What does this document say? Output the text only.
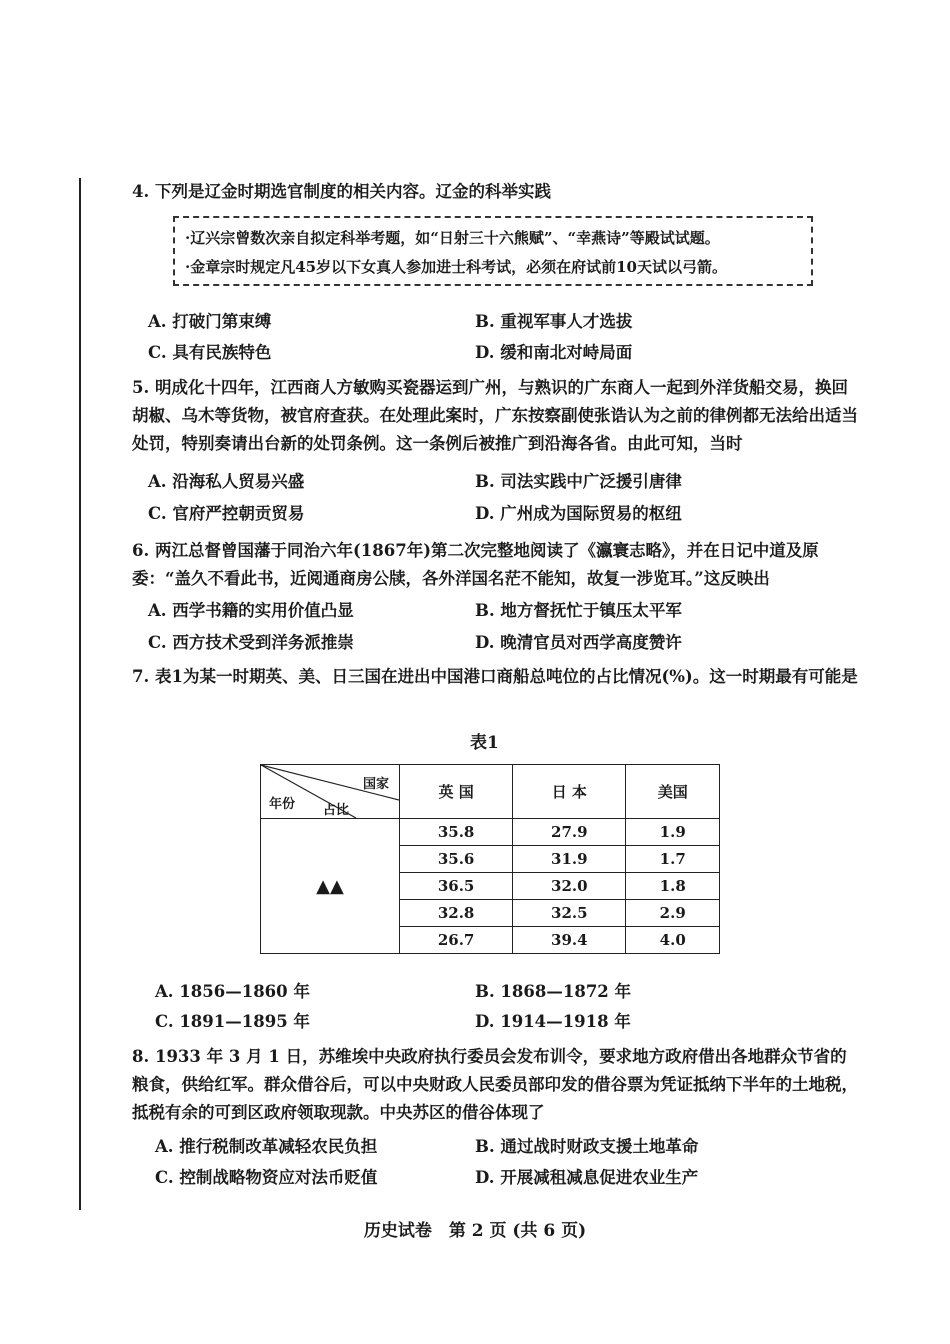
4. 下列是辽金时期选官制度的相关内容。辽金的科举实践
·辽兴宗曾数次亲自拟定科举考题，如“日射三十六熊赋”、“幸燕诗”等殿试试题。
·金章宗时规定凡45岁以下女真人参加进士科考试，必须在府试前10天试以弓箭。
A. 打破门第束缚	B. 重视军事人才选拔
C. 具有民族特色	D. 缓和南北对峙局面
5. 明成化十四年，江西商人方敏购买瓷器运到广州，与熟识的广东商人一起到外洋货船交易，换回胡椒、乌木等货物，被官府查获。在处理此案时，广东按察副使张诰认为之前的律例都无法给出适当处罚，特别奏请出台新的处罚条例。这一条例后被推广到沿海各省。由此可知，当时
A. 沿海私人贸易兴盛	B. 司法实践中广泛援引唐律
C. 官府严控朝贡贸易	D. 广州成为国际贸易的枢纽
6. 两江总督曾国藩于同治六年(1867年)第二次完整地阅读了《瀛寰志略》，并在日记中道及原委：“盖久不看此书，近阅通商房公牍，各外洋国名茫不能知，故复一涉览耳。”这反映出
A. 西学书籍的实用价值凸显	B. 地方督抚忙于镇压太平军
C. 西方技术受到洋务派推崇	D. 晚清官员对西学高度赞许
7. 表1为某一时期英、美、日三国在进出中国港口商船总吨位的占比情况(%)。这一时期最有可能是
表1
国家
年份 占比	英 国	日 本	美国
▲▲	35.8	27.9	1.9
	35.6	31.9	1.7
	36.5	32.0	1.8
	32.8	32.5	2.9
	26.7	39.4	4.0
A. 1856—1860 年	B. 1868—1872 年
C. 1891—1895 年	D. 1914—1918 年
8. 1933 年 3 月 1 日，苏维埃中央政府执行委员会发布训令，要求地方政府借出各地群众节省的粮食，供给红军。群众借谷后，可以中央财政人民委员部印发的借谷票为凭证抵纳下半年的土地税，抵税有余的可到区政府领取现款。中央苏区的借谷体现了
A. 推行税制改革减轻农民负担	B. 通过战时财政支援土地革命
C. 控制战略物资应对法币贬值	D. 开展减租减息促进农业生产
历史试卷　第 2 页 (共 6 页)
